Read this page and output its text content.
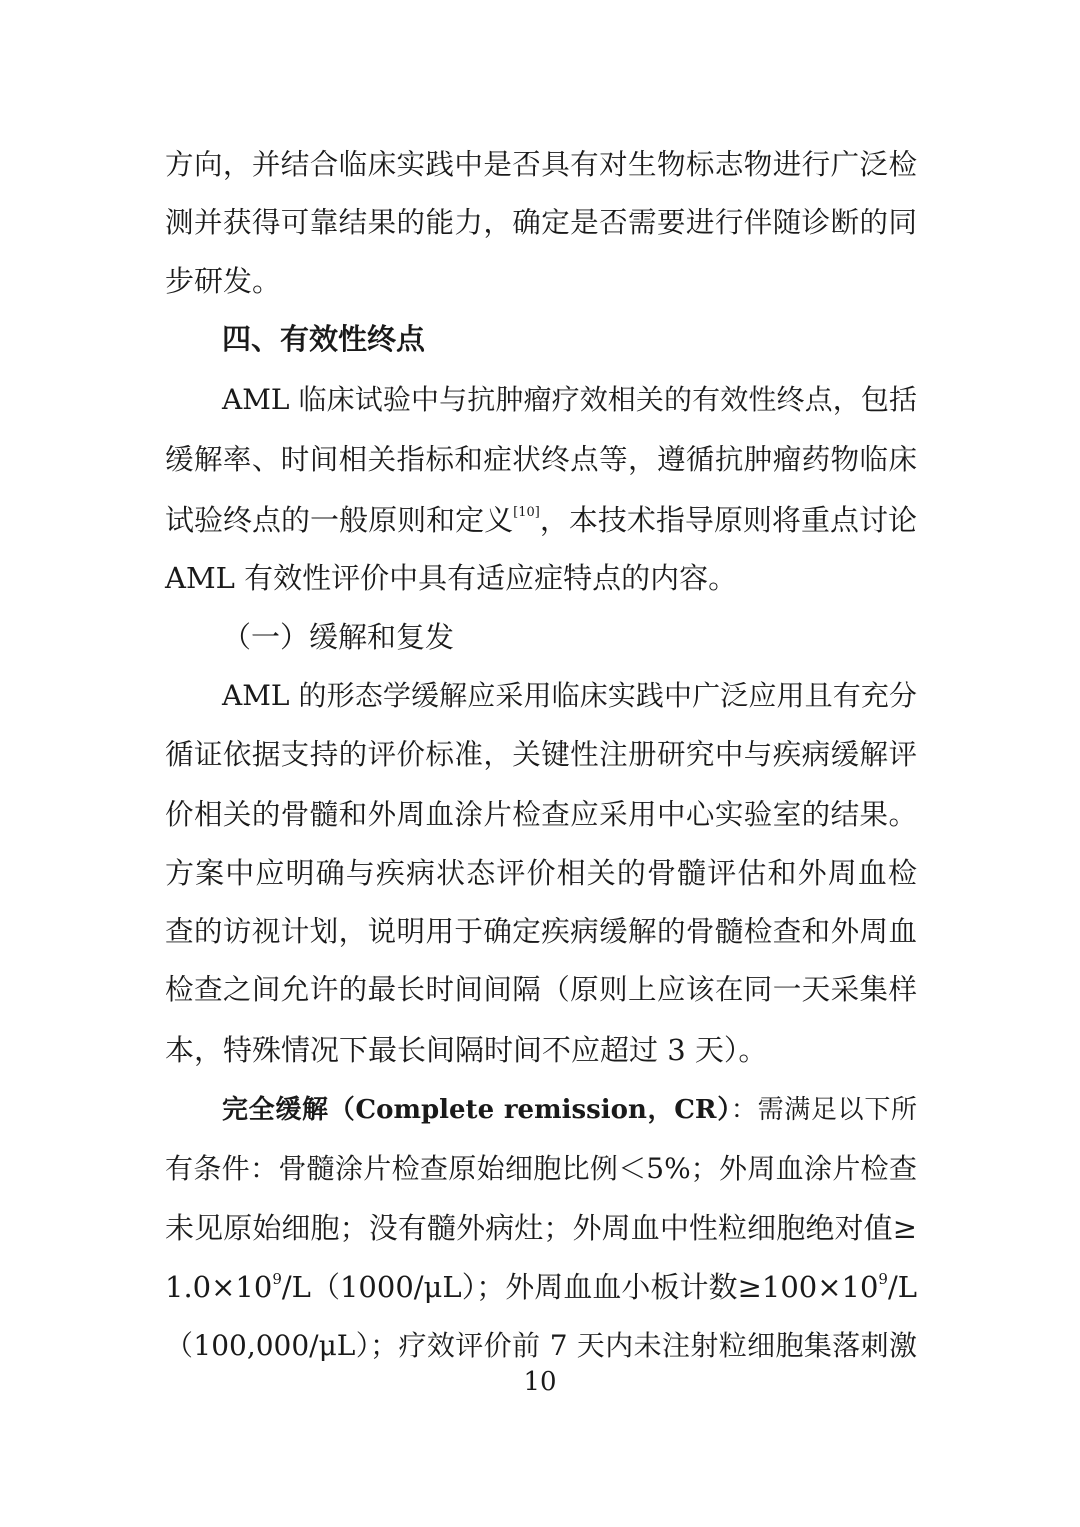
方向，并结合临床实践中是否具有对生物标志物进行广泛检
测并获得可靠结果的能力，确定是否需要进行伴随诊断的同
步研发。
四、有效性终点
AML 临床试验中与抗肿瘤疗效相关的有效性终点，包括
缓解率、时间相关指标和症状终点等，遵循抗肿瘤药物临床
试验终点的一般原则和定义[10]，本技术指导原则将重点讨论
AML 有效性评价中具有适应症特点的内容。
（一）缓解和复发
AML 的形态学缓解应采用临床实践中广泛应用且有充分
循证依据支持的评价标准，关键性注册研究中与疾病缓解评
价相关的骨髓和外周血涂片检查应采用中心实验室的结果。
方案中应明确与疾病状态评价相关的骨髓评估和外周血检
查的访视计划，说明用于确定疾病缓解的骨髓检查和外周血
检查之间允许的最长时间间隔（原则上应该在同一天采集样
本，特殊情况下最长间隔时间不应超过 3 天）。
完全缓解（Complete remission，CR）：需满足以下所
有条件：骨髓涂片检查原始细胞比例＜5%；外周血涂片检查
未见原始细胞；没有髓外病灶；外周血中性粒细胞绝对值≥
$1.0\times 10^9/L(1000/\mu L)$；外周血血小板计数$\ge 100\times 10^9/L$
（100,000/μL）；疗效评价前 7 天内未注射粒细胞集落刺激
10
